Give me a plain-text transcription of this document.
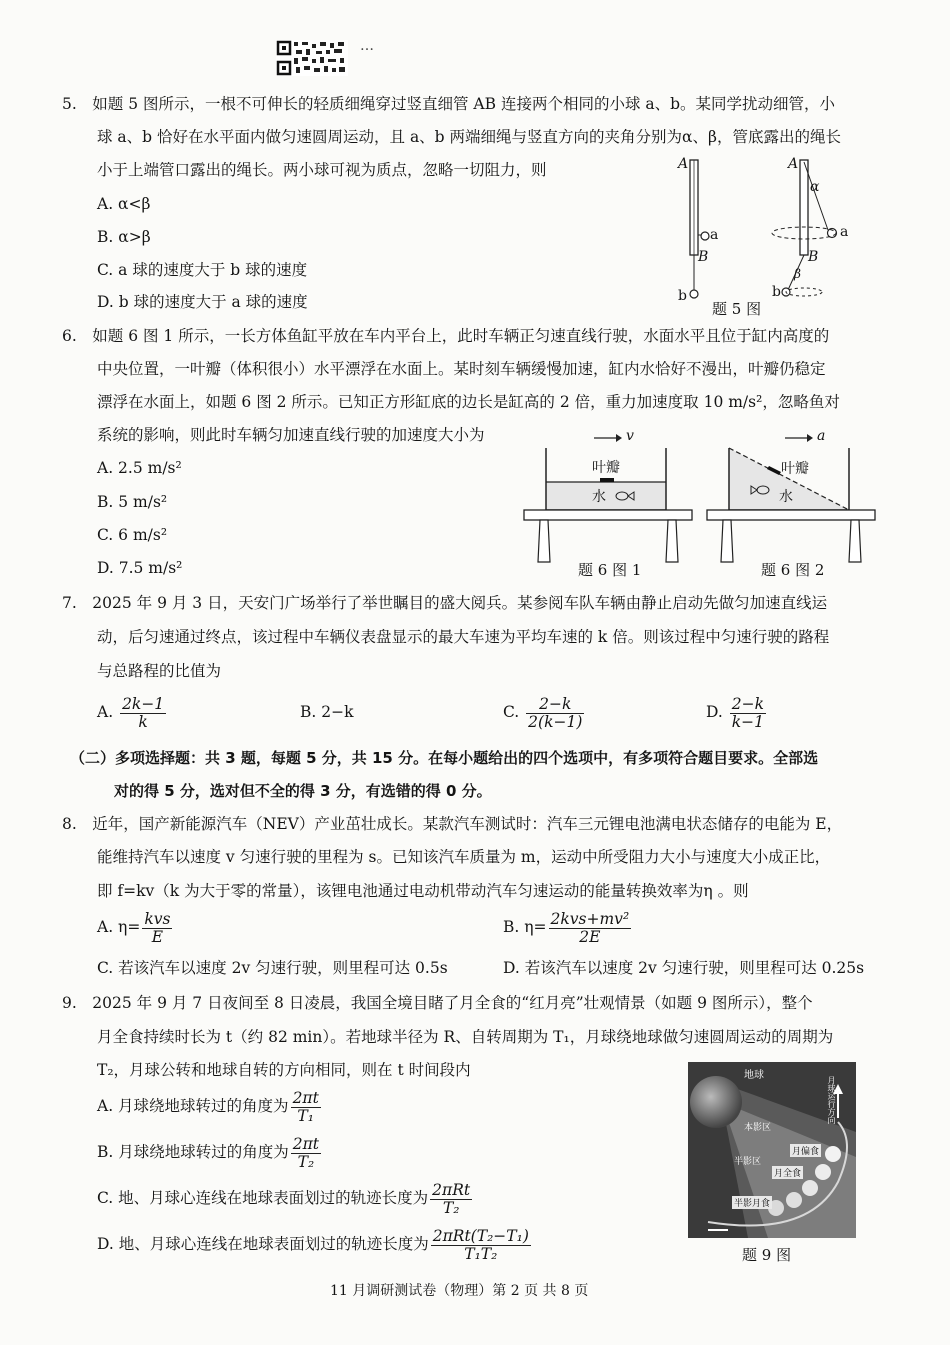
…
5.　如题 5 图所示，一根不可伸长的轻质细绳穿过竖直细管 AB 连接两个相同的小球 a、b。某同学扰动细管，小
球 a、b 恰好在水平面内做匀速圆周运动，且 a、b 两端细绳与竖直方向的夹角分别为α、β，管底露出的绳长
小于上端管口露出的绳长。两小球可视为质点，忽略一切阻力，则
A. α<β
B. α>β
C. a 球的速度大于 b 球的速度
D. b 球的速度大于 a 球的速度
A
B
a
b
A
α
B
a
β
b
题 5 图
6.　如题 6 图 1 所示，一长方体鱼缸平放在车内平台上，此时车辆正匀速直线行驶，水面水平且位于缸内高度的
中央位置，一叶瓣（体积很小）水平漂浮在水面上。某时刻车辆缓慢加速，缸内水恰好不漫出，叶瓣仍稳定
漂浮在水面上，如题 6 图 2 所示。已知正方形缸底的边长是缸高的 2 倍，重力加速度取 10 m/s²，忽略鱼对
系统的影响，则此时车辆匀加速直线行驶的加速度大小为
A. 2.5 m/s²
B. 5 m/s²
C. 6 m/s²
D. 7.5 m/s²
v
叶瓣
水
题 6 图 1
a
叶瓣
水
题 6 图 2
7.　2025 年 9 月 3 日，天安门广场举行了举世瞩目的盛大阅兵。某参阅车队车辆由静止启动先做匀加速直线运
动，后匀速通过终点，该过程中车辆仪表盘显示的最大车速为平均车速的 k 倍。则该过程中匀速行驶的路程
与总路程的比值为
A. $\frac{2k-1}{k}$	B. 2−k	C. $\frac{2-k}{2(k-1)}$	D. $\frac{2-k}{k-1}$
（二）多项选择题：共 3 题，每题 5 分，共 15 分。在每小题给出的四个选项中，有多项符合题目要求。全部选
对的得 5 分，选对但不全的得 3 分，有选错的得 0 分。
8.　近年，国产新能源汽车（NEV）产业茁壮成长。某款汽车测试时：汽车三元锂电池满电状态储存的电能为 E，
能维持汽车以速度 v 匀速行驶的里程为 s。已知该汽车质量为 m，运动中所受阻力大小与速度大小成正比，
即 f=kv（k 为大于零的常量），该锂电池通过电动机带动汽车匀速运动的能量转换效率为η 。则
A. $\eta= \frac{\text{kvs}}{E}$	B. $\eta= \frac{\text{2kvs+mv²}}{2E}$
C. 若该汽车以速度 2v 匀速行驶，则里程可达 0.5s	D. 若该汽车以速度 2v 匀速行驶，则里程可达 0.25s
9.　2025 年 9 月 7 日夜间至 8 日凌晨，我国全境目睹了月全食的“红月亮”壮观情景（如题 9 图所示），整个
月全食持续时长为 t（约 82 min）。若地球半径为 R、自转周期为 T₁，月球绕地球做匀速圆周运动的周期为
T₂，月球公转和地球自转的方向相同，则在 t 时间段内
A. 月球绕地球转过的角度为 $\frac{2\pi t}{\text{T₁}}$
B. 月球绕地球转过的角度为 $\frac{2\pi t}{\text{T₂}}$
C. 地、月球心连线在地球表面划过的轨迹长度为 $\frac{\text{2πRt}}{\text{T₂}}$
D. 地、月球心连线在地球表面划过的轨迹长度为 $\frac{\text{2πRt(T₂−T₁)}}{\text{T₁T₂}}$
地球
本影区
半影区
月球运行方向
月偏食
月全食
半影月食
题 9 图
11 月调研测试卷（物理）第 2 页 共 8 页
